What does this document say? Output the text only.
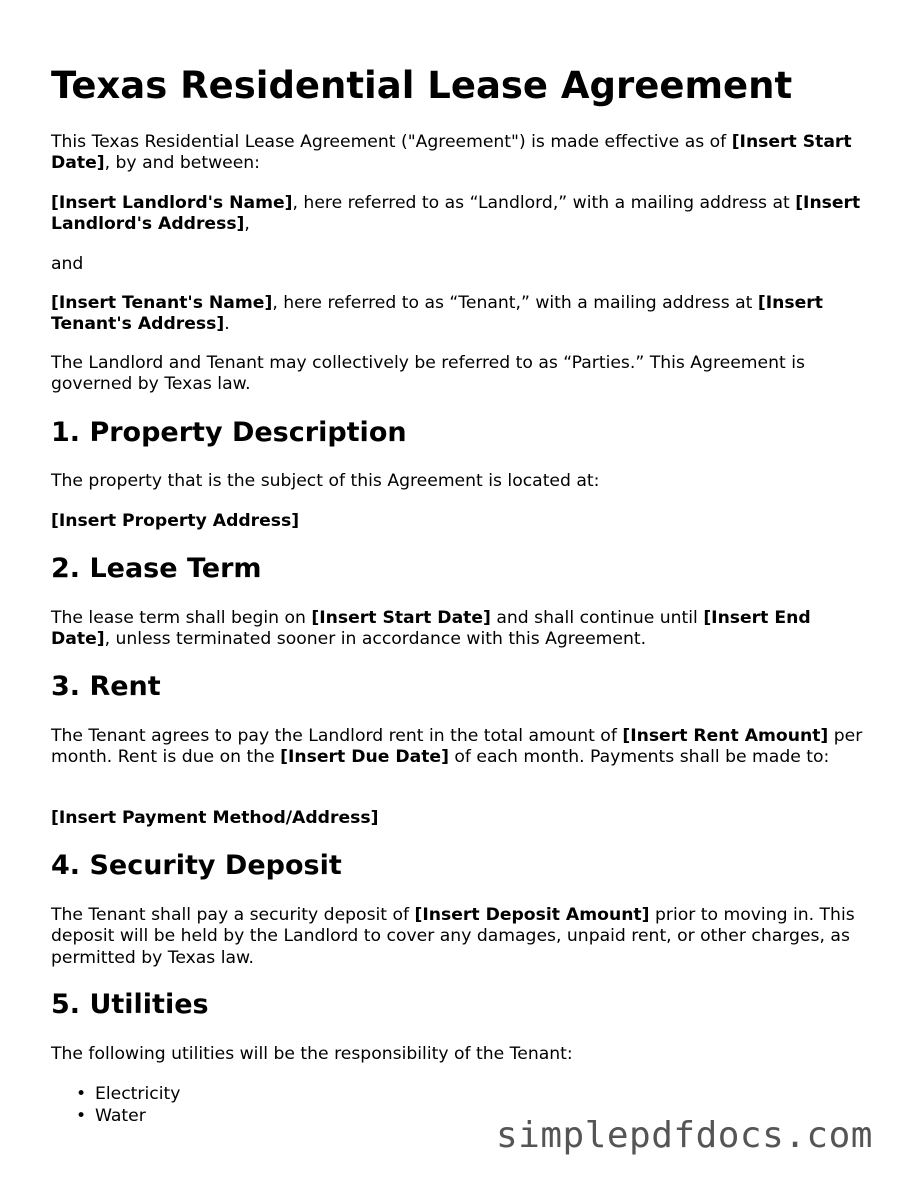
Texas Residential Lease Agreement

This Texas Residential Lease Agreement ("Agreement") is made effective as of [Insert Start Date], by and between:

[Insert Landlord's Name], here referred to as “Landlord,” with a mailing address at [Insert Landlord's Address],

and

[Insert Tenant's Name], here referred to as “Tenant,” with a mailing address at [Insert Tenant's Address].

The Landlord and Tenant may collectively be referred to as “Parties.” This Agreement is governed by Texas law.

1. Property Description

The property that is the subject of this Agreement is located at:

[Insert Property Address]

2. Lease Term

The lease term shall begin on [Insert Start Date] and shall continue until [Insert End Date], unless terminated sooner in accordance with this Agreement.

3. Rent

The Tenant agrees to pay the Landlord rent in the total amount of [Insert Rent Amount] per month. Rent is due on the [Insert Due Date] of each month. Payments shall be made to:

[Insert Payment Method/Address]

4. Security Deposit

The Tenant shall pay a security deposit of [Insert Deposit Amount] prior to moving in. This deposit will be held by the Landlord to cover any damages, unpaid rent, or other charges, as permitted by Texas law.

5. Utilities

The following utilities will be the responsibility of the Tenant:

• Electricity
• Water	simplepdfdocs.com
